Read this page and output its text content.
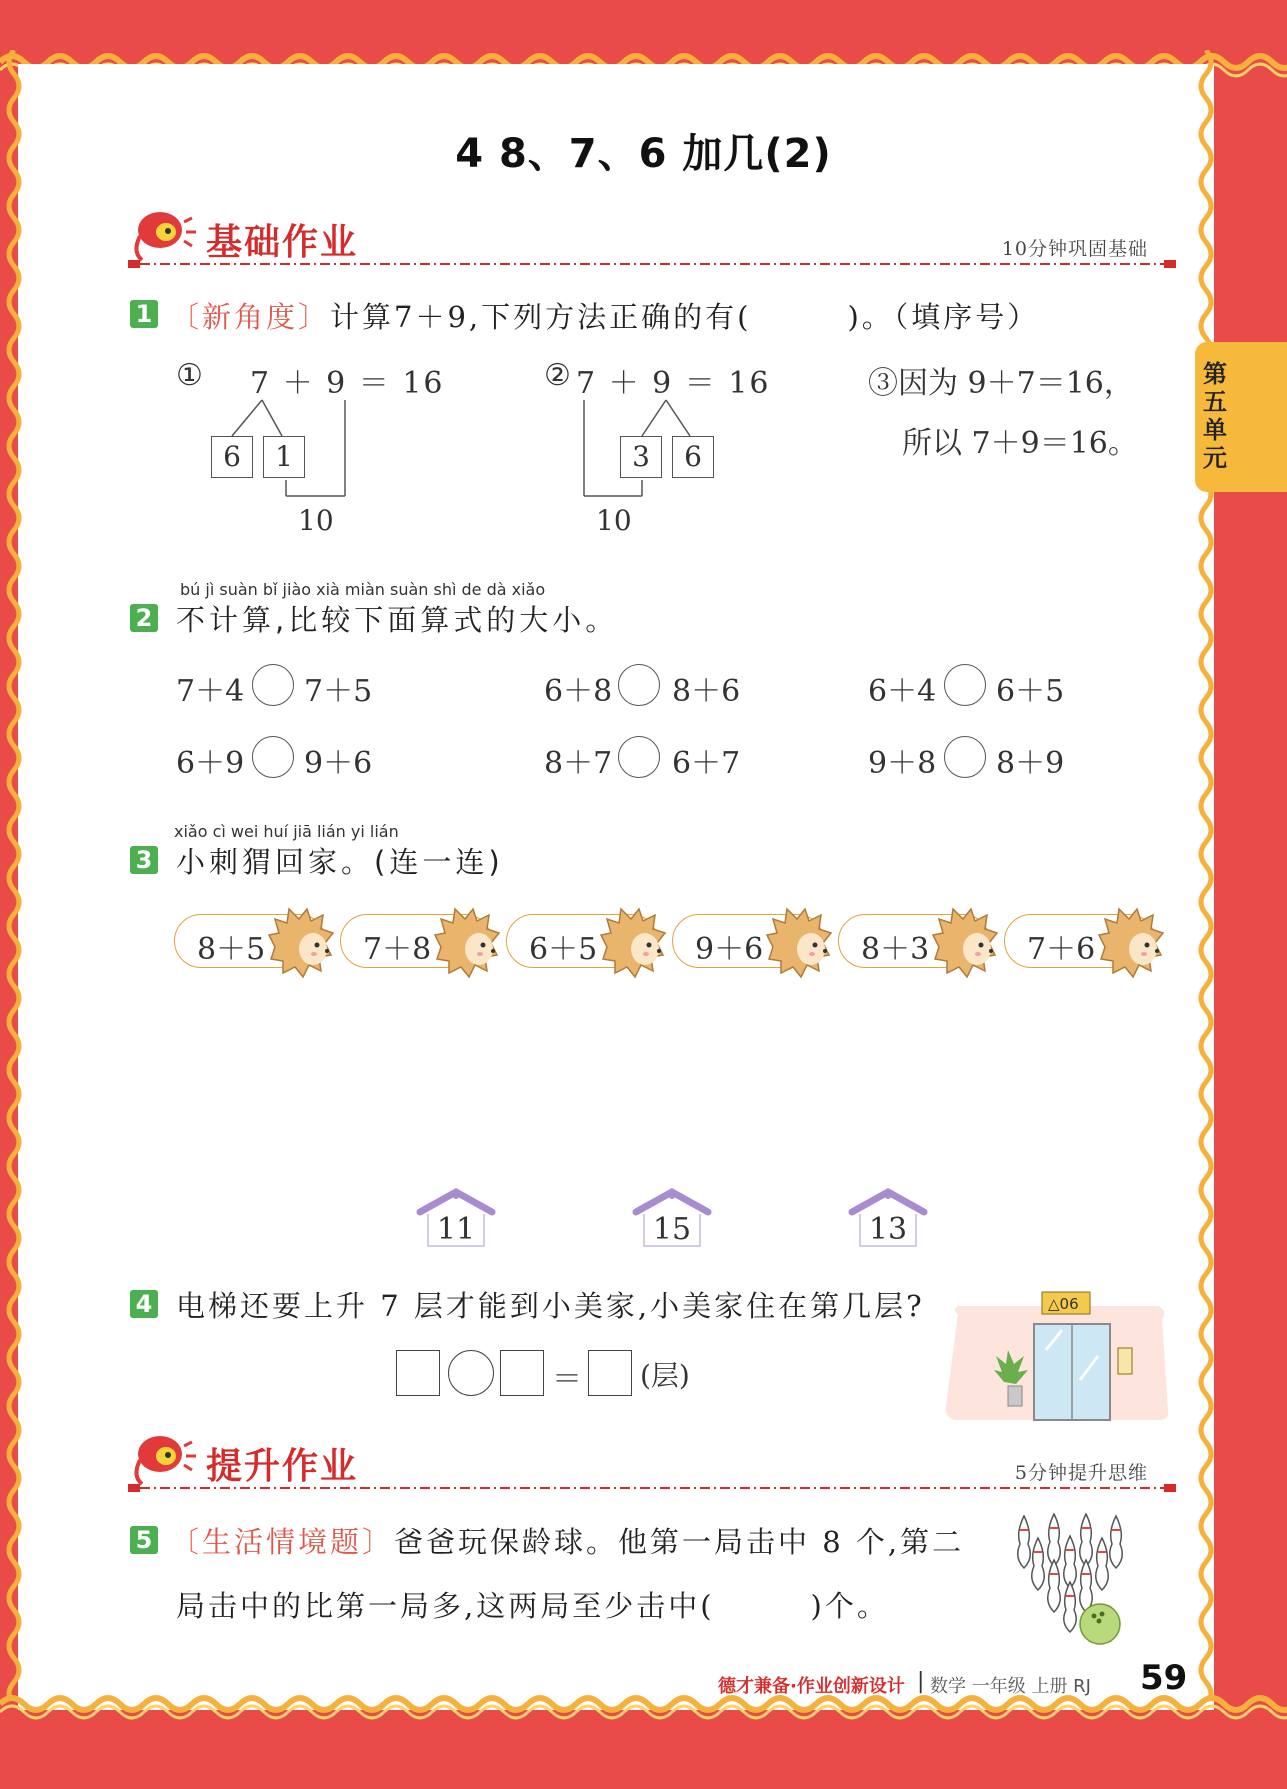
第五单元
4 8、7、6 加几(2)
基础作业	10分钟巩固基础
1 〔新角度〕计算7＋9,下列方法正确的有(　　　)。（填序号）
① 7 ＋ 9 ＝ 16
6	1
10
② 7 ＋ 9 ＝ 16
3	6
10
③因为 9＋7＝16，
所以 7＋9＝16。
bú jì suàn bǐ jiào xià miàn suàn shì de dà xiǎo
2 不计算,比较下面算式的大小。
7＋4 7＋5	6＋8 8＋6	6＋4 6＋5
6＋9 9＋6	8＋7 6＋7	9＋8 8＋9
xiǎo cì wei huí jiā lián yi lián
3 小刺猬回家。(连一连)
8＋5	7＋8	6＋5	9＋6	8＋3	7＋6
11	15	13
4 电梯还要上升 7 层才能到小美家,小美家住在第几层?
＝ (层)
△06
提升作业	5分钟提升思维
5 〔生活情境题〕爸爸玩保龄球。他第一局击中 8 个,第二
局击中的比第一局多,这两局至少击中(　　　)个。
德才兼备·作业创新设计 | 数学 一年级 上册 RJ 59
